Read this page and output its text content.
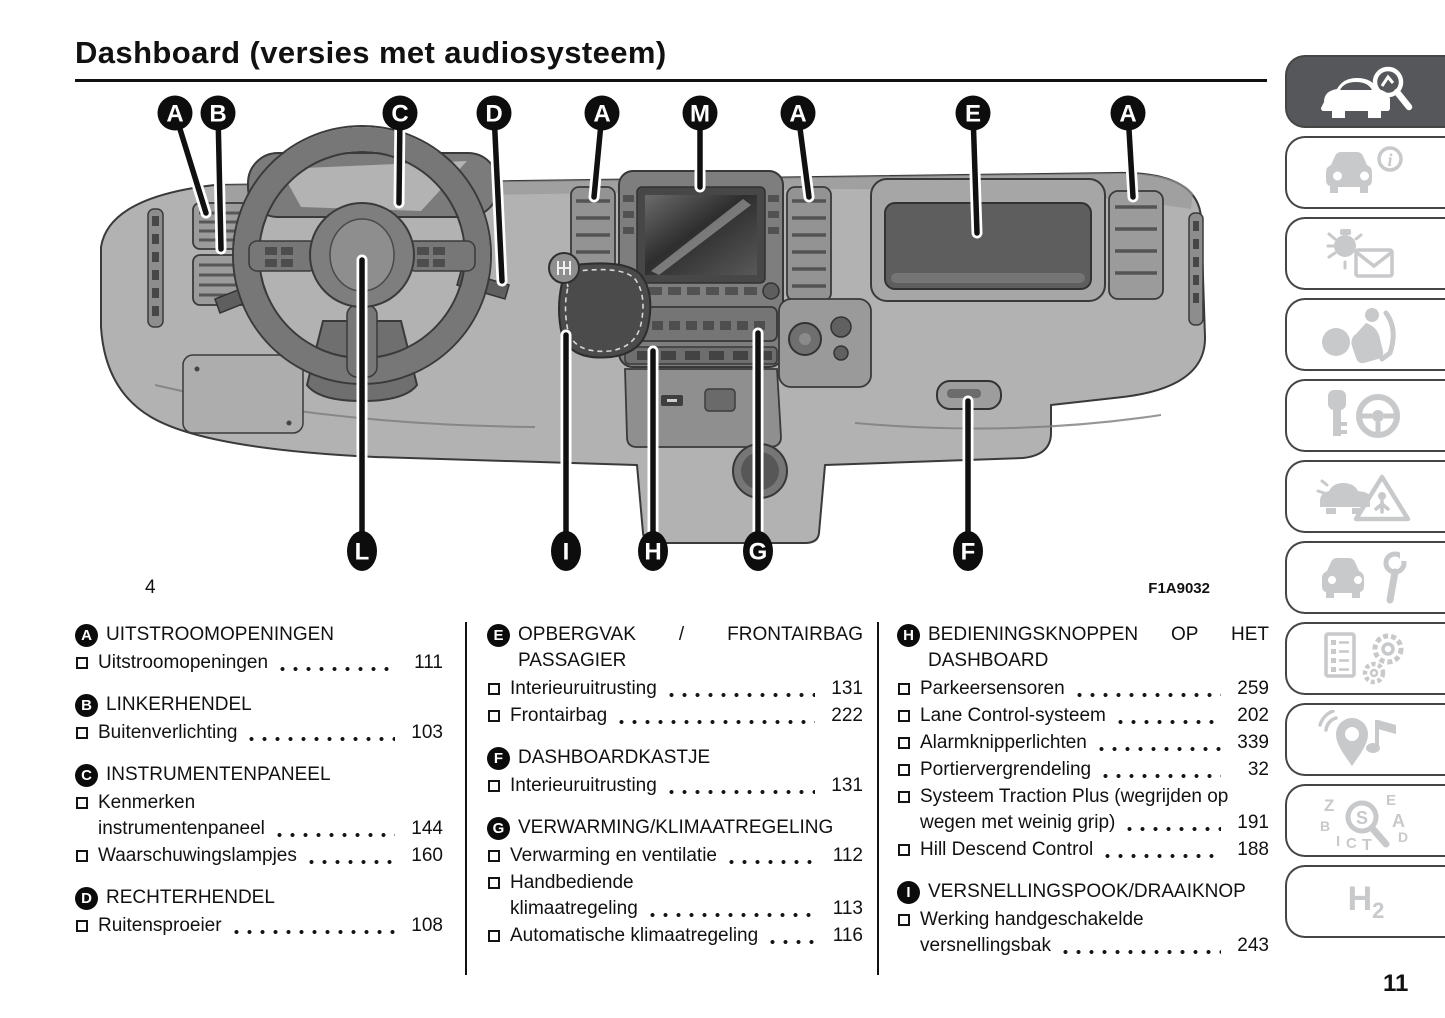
Dashboard (versies met audiosysteem)
A B	C	D	A	M	A	E	A
L	I	H	G	F
4	F1A9032
A UITSTROOMOPENINGEN
Uitstroomopeningen	111
B LINKERHENDEL
Buitenverlichting	103
C INSTRUMENTENPANEEL
Kenmerken
instrumentenpaneel	144
Waarschuwingslampjes	160
D RECHTERHENDEL
Ruitensproeier	108
E OPBERGVAK / FRONTAIRBAG PASSAGIER
Interieuruitrusting	131
Frontairbag	222
F DASHBOARDKASTJE
Interieuruitrusting	131
G VERWARMING/KLIMAATREGELING
Verwarming en ventilatie	112
Handbediende
klimaatregeling	113
Automatische klimaatregeling	116
H BEDIENINGSKNOPPEN OP HET DASHBOARD
Parkeersensoren	259
Lane Control-systeem	202
Alarmknipperlichten	339
Portiervergrendeling	32
Systeem Traction Plus (wegrijden op
wegen met weinig grip)	191
Hill Descend Control	188
I VERSNELLINGSPOOK/DRAAIKNOP
Werking handgeschakelde
versnellingsbak	243
$H_2$
11
